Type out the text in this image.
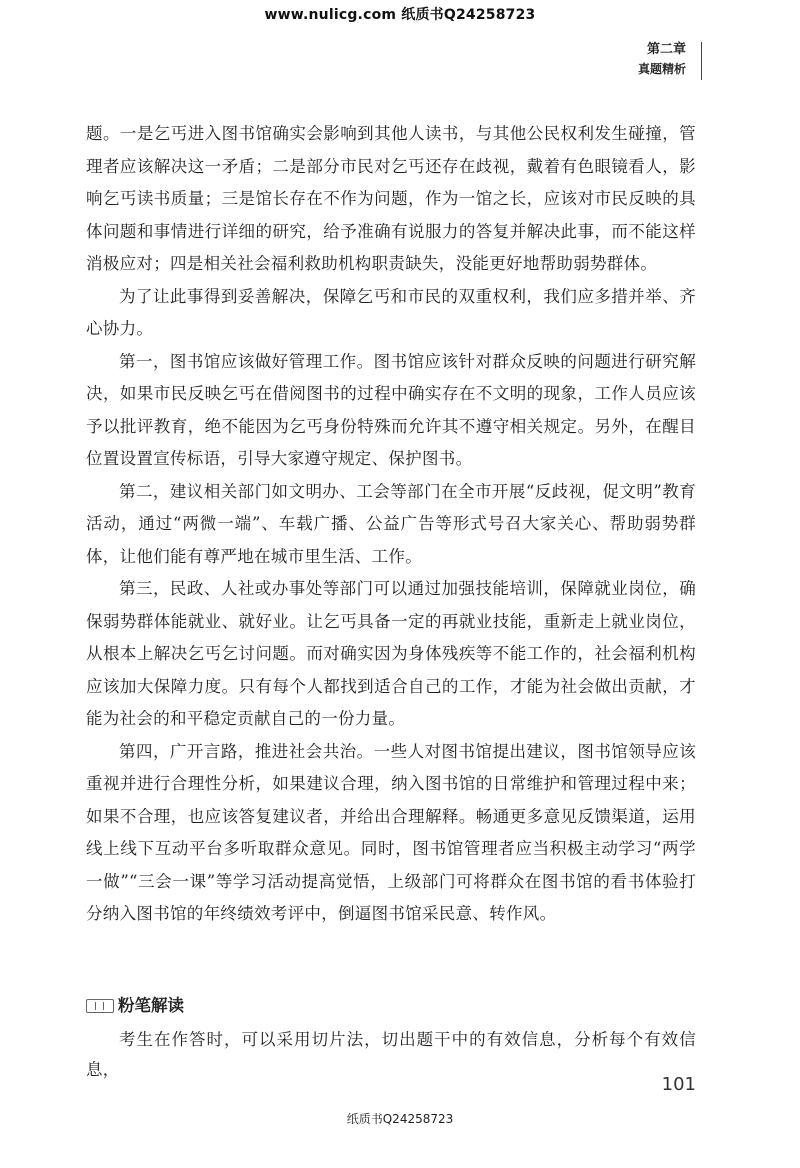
www.nulicg.com 纸质书Q24258723
第二章
真题精析

题。一是乞丐进入图书馆确实会影响到其他人读书，与其他公民权利发生碰撞，管理者应该解决这一矛盾；二是部分市民对乞丐还存在歧视，戴着有色眼镜看人，影响乞丐读书质量；三是馆长存在不作为问题，作为一馆之长，应该对市民反映的具体问题和事情进行详细的研究，给予准确有说服力的答复并解决此事，而不能这样消极应对；四是相关社会福利救助机构职责缺失，没能更好地帮助弱势群体。

为了让此事得到妥善解决，保障乞丐和市民的双重权利，我们应多措并举、齐心协力。

第一，图书馆应该做好管理工作。图书馆应该针对群众反映的问题进行研究解决，如果市民反映乞丐在借阅图书的过程中确实存在不文明的现象，工作人员应该予以批评教育，绝不能因为乞丐身份特殊而允许其不遵守相关规定。另外，在醒目位置设置宣传标语，引导大家遵守规定、保护图书。

第二，建议相关部门如文明办、工会等部门在全市开展“反歧视，促文明”教育活动，通过“两微一端”、车载广播、公益广告等形式号召大家关心、帮助弱势群体，让他们能有尊严地在城市里生活、工作。

第三，民政、人社或办事处等部门可以通过加强技能培训，保障就业岗位，确保弱势群体能就业、就好业。让乞丐具备一定的再就业技能，重新走上就业岗位，从根本上解决乞丐乞讨问题。而对确实因为身体残疾等不能工作的，社会福利机构应该加大保障力度。只有每个人都找到适合自己的工作，才能为社会做出贡献，才能为社会的和平稳定贡献自己的一份力量。

第四，广开言路，推进社会共治。一些人对图书馆提出建议，图书馆领导应该重视并进行合理性分析，如果建议合理，纳入图书馆的日常维护和管理过程中来；如果不合理，也应该答复建议者，并给出合理解释。畅通更多意见反馈渠道，运用线上线下互动平台多听取群众意见。同时，图书馆管理者应当积极主动学习“两学一做”“三会一课”等学习活动提高觉悟，上级部门可将群众在图书馆的看书体验打分纳入图书馆的年终绩效考评中，倒逼图书馆采民意、转作风。

粉笔解读
考生在作答时，可以采用切片法，切出题干中的有效信息，分析每个有效信息，
101
纸质书Q24258723
